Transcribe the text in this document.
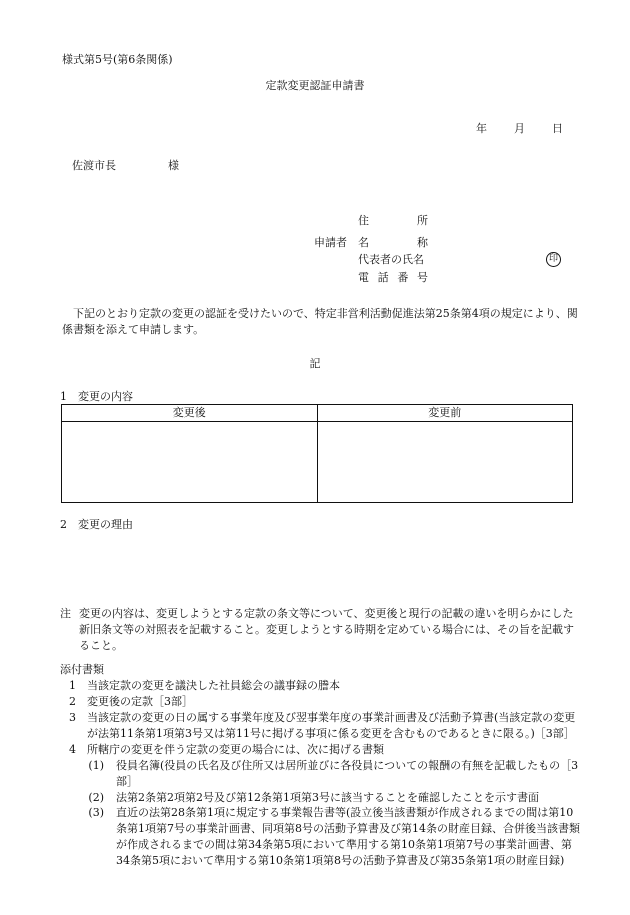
様式第5号(第6条関係)
定款変更認証申請書
年 月 日
佐渡市長	様
申請者
住所
名称
代表者の氏名
電話番号
印
下記のとおり定款の変更の認証を受けたいので、特定非営利活動促進法第25条第4項の規定により、関係書類を添えて申請します。
記
1　変更の内容
変更後	変更前

2　変更の理由
注 変更の内容は、変更しようとする定款の条文等について、変更後と現行の記載の違いを明らかにした新旧条文等の対照表を記載すること。変更しようとする時期を定めている場合には、その旨を記載すること。
添付書類
1 当該定款の変更を議決した社員総会の議事録の謄本
2 変更後の定款［3部］
3 当該定款の変更の日の属する事業年度及び翌事業年度の事業計画書及び活動予算書(当該定款の変更が法第11条第1項第3号又は第11号に掲げる事項に係る変更を含むものであるときに限る。)［3部］
4 所轄庁の変更を伴う定款の変更の場合には、次に掲げる書類
(1) 役員名簿(役員の氏名及び住所又は居所並びに各役員についての報酬の有無を記載したもの［3部］
(2) 法第2条第2項第2号及び第12条第1項第3号に該当することを確認したことを示す書面
(3) 直近の法第28条第1項に規定する事業報告書等(設立後当該書類が作成されるまでの間は第10条第1項第7号の事業計画書、同項第8号の活動予算書及び第14条の財産目録、合併後当該書類が作成されるまでの間は第34条第5項において準用する第10条第1項第7号の事業計画書、第34条第5項において準用する第10条第1項第8号の活動予算書及び第35条第1項の財産目録)
